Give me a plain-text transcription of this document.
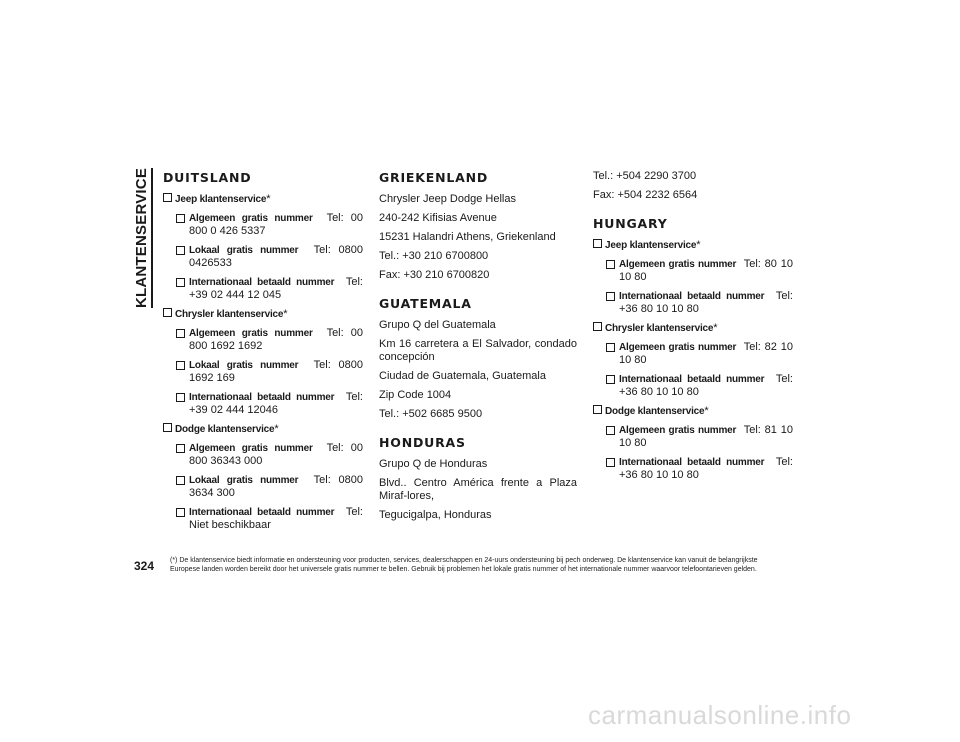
KLANTENSERVICE DUITSLAND
Jeep klantenservice*
Algemeen gratis nummer Tel: 00 800 0 426 5337
Lokaal gratis nummer Tel: 0800 0426533
Internationaal betaald nummer Tel: +39 02 444 12 045
Chrysler klantenservice*
Algemeen gratis nummer Tel: 00 800 1692 1692
Lokaal gratis nummer Tel: 0800 1692 169
Internationaal betaald nummer Tel: +39 02 444 12046
Dodge klantenservice*
Algemeen gratis nummer Tel: 00 800 36343 000
Lokaal gratis nummer Tel: 0800 3634 300
Internationaal betaald nummer Tel: Niet beschikbaar
GRIEKENLAND

Chrysler Jeep Dodge Hellas

240-242 Kifisias Avenue

15231 Halandri Athens, Griekenland

Tel.: +30 210 6700800

Fax: +30 210 6700820

GUATEMALA

Grupo Q del Guatemala

Km 16 carretera a El Salvador, condado concepción

Ciudad de Guatemala, Guatemala

Zip Code 1004

Tel.: +502 6685 9500

HONDURAS

Grupo Q de Honduras

Blvd.. Centro América frente a Plaza Miraf-lores,

Tegucigalpa, Honduras

Tel.: +504 2290 3700

Fax: +504 2232 6564

HUNGARY
Jeep klantenservice*
Algemeen gratis nummer Tel: 80 10 10 80
Internationaal betaald nummer Tel: +36 80 10 10 80
Chrysler klantenservice*
Algemeen gratis nummer Tel: 82 10 10 80
Internationaal betaald nummer Tel: +36 80 10 10 80
Dodge klantenservice*
Algemeen gratis nummer Tel: 81 10 10 80
Internationaal betaald nummer Tel: +36 80 10 10 80
324 (*) De klantenservice biedt informatie en ondersteuning voor producten, services, dealerschappen en 24-uurs ondersteuning bij pech onderweg. De klantenservice kan vanuit de belangrijkste
Europese landen worden bereikt door het universele gratis nummer te bellen. Gebruik bij problemen het lokale gratis nummer of het internationale nummer waarvoor telefoontarieven gelden.
carmanualsonline.info
